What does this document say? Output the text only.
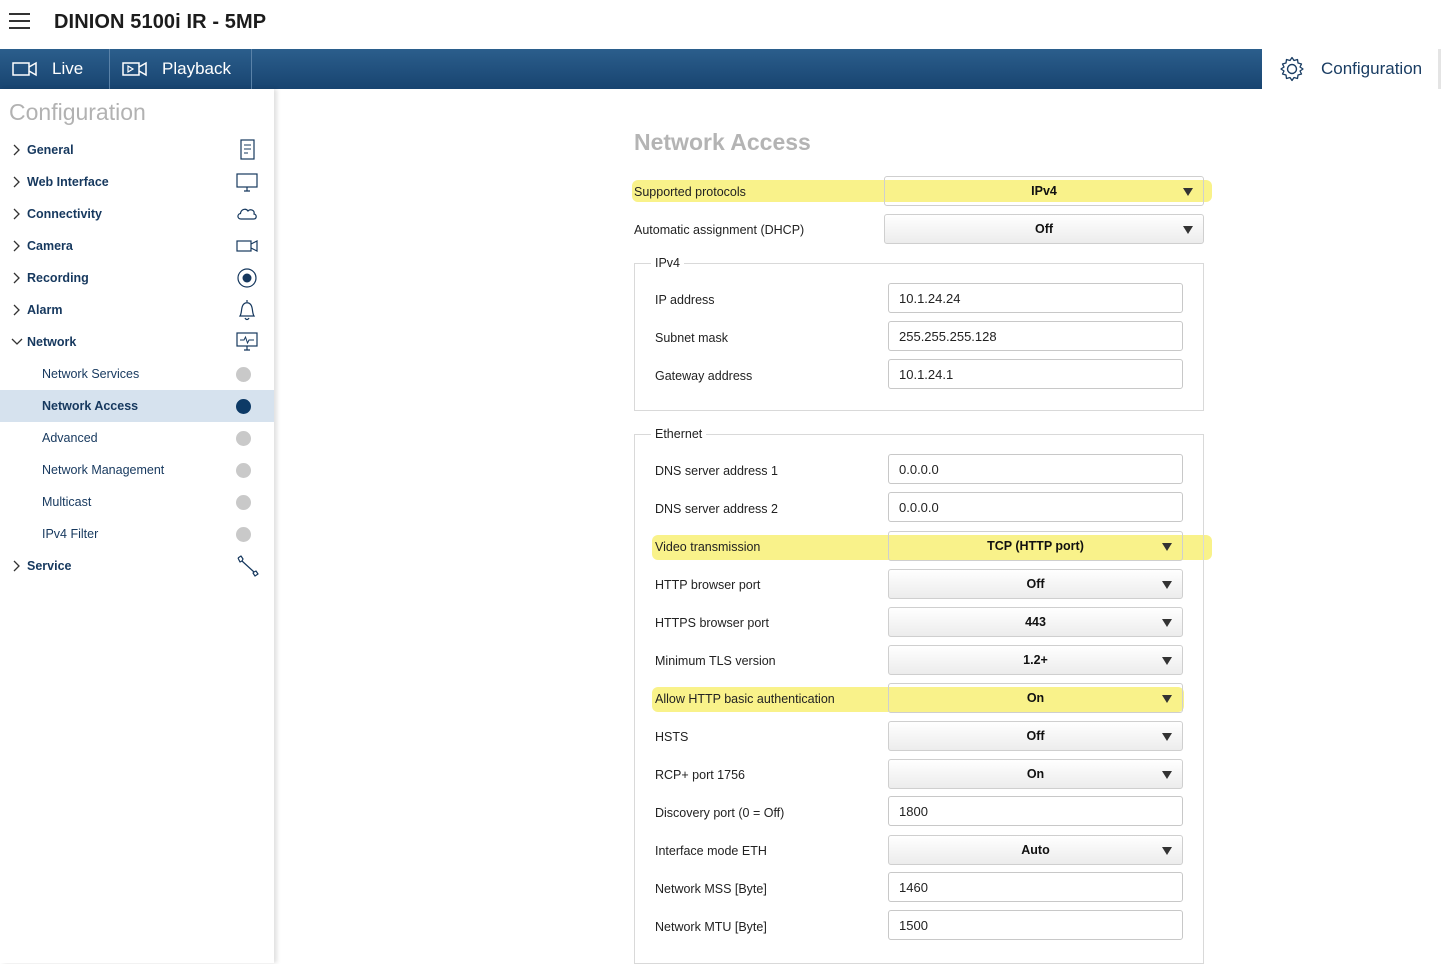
DINION 5100i IR - 5MP
Live	Playback	Configuration
Configuration
General
Web Interface
Connectivity
Camera
Recording
Alarm
Network
Network Services
Network Access
Advanced
Network Management
Multicast
IPv4 Filter
Service
Network Access
Supported protocols	IPv4
Automatic assignment (DHCP)	Off
IPv4
IP address	10.1.24.24
Subnet mask	255.255.255.128
Gateway address	10.1.24.1
Ethernet
DNS server address 1	0.0.0.0
DNS server address 2	0.0.0.0
Video transmission	TCP (HTTP port)
HTTP browser port	Off
HTTPS browser port	443
Minimum TLS version	1.2+
Allow HTTP basic authentication	On
HSTS	Off
RCP+ port 1756	On
Discovery port (0 = Off)	1800
Interface mode ETH	Auto
Network MSS [Byte]	1460
Network MTU [Byte]	1500
